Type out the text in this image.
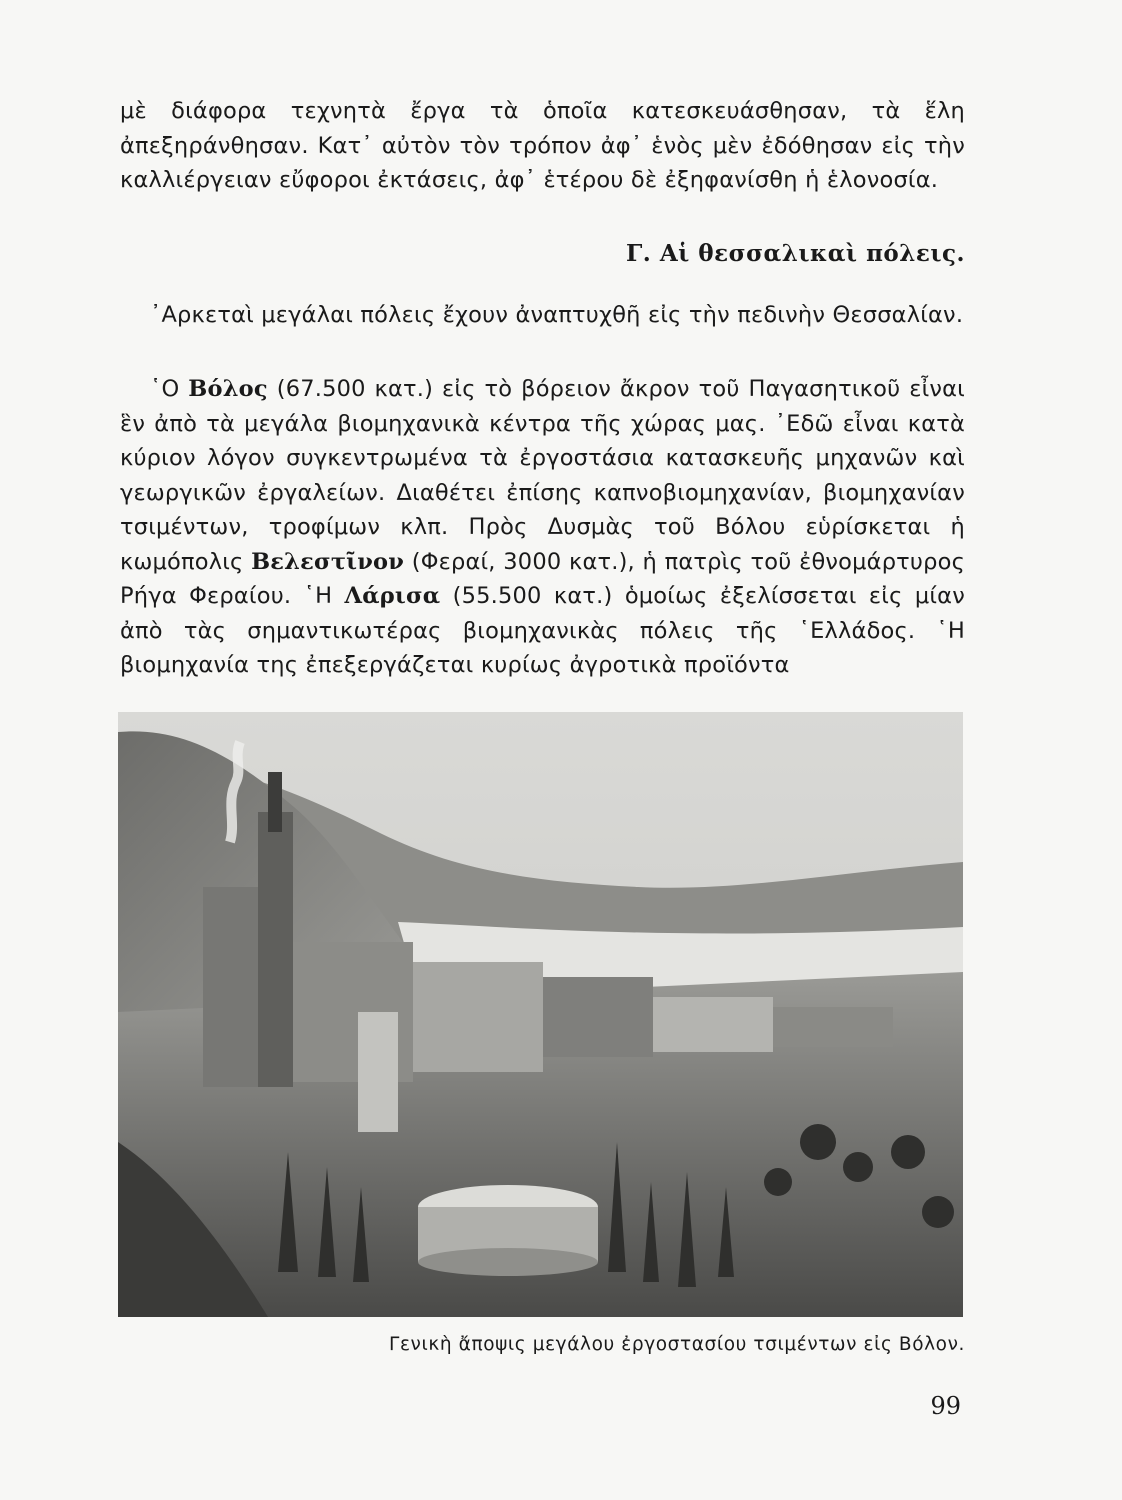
μὲ διάφορα τεχνητὰ ἔργα τὰ ὁποῖα κατεσκευάσθησαν, τὰ ἕλη ἀπεξηράνθησαν. Κατ᾽ αὐτὸν τὸν τρόπον ἀφ᾽ ἑνὸς μὲν ἐδόθησαν εἰς τὴν καλλιέργειαν εὔφοροι ἐκτάσεις, ἀφ᾽ ἑτέρου δὲ ἐξηφανίσθη ἡ ἑλονοσία.

Γ. Αἱ θεσσαλικαὶ πόλεις.

᾽Αρκεταὶ μεγάλαι πόλεις ἔχουν ἀναπτυχθῆ εἰς τὴν πεδινὴν Θεσσαλίαν.

῾Ο Βόλος (67.500 κατ.) εἰς τὸ βόρειον ἄκρον τοῦ Παγασητικοῦ εἶναι ἓν ἀπὸ τὰ μεγάλα βιομηχανικὰ κέντρα τῆς χώρας μας. ᾽Εδῶ εἶναι κατὰ κύριον λόγον συγκεντρωμένα τὰ ἐργοστάσια κατασκευῆς μηχανῶν καὶ γεωργικῶν ἐργαλείων. Διαθέτει ἐπίσης καπνοβιομηχανίαν, βιομηχανίαν τσιμέντων, τροφίμων κλπ. Πρὸς Δυσμὰς τοῦ Βόλου εὑρίσκεται ἡ κωμόπολις Βελεστῖνον (Φεραί, 3000 κατ.), ἡ πατρὶς τοῦ ἐθνομάρτυρος Ρήγα Φεραίου. ῾Η Λάρισα (55.500 κατ.) ὁμοίως ἐξελίσσεται εἰς μίαν ἀπὸ τὰς σημαντικωτέρας βιομηχανικὰς πόλεις τῆς ῾Ελλάδος. ῾Η βιομηχανία της ἐπεξεργάζεται κυρίως ἀγροτικὰ προϊόντα

Γενικὴ ἄποψις μεγάλου ἐργοστασίου τσιμέντων εἰς Βόλον.
99
